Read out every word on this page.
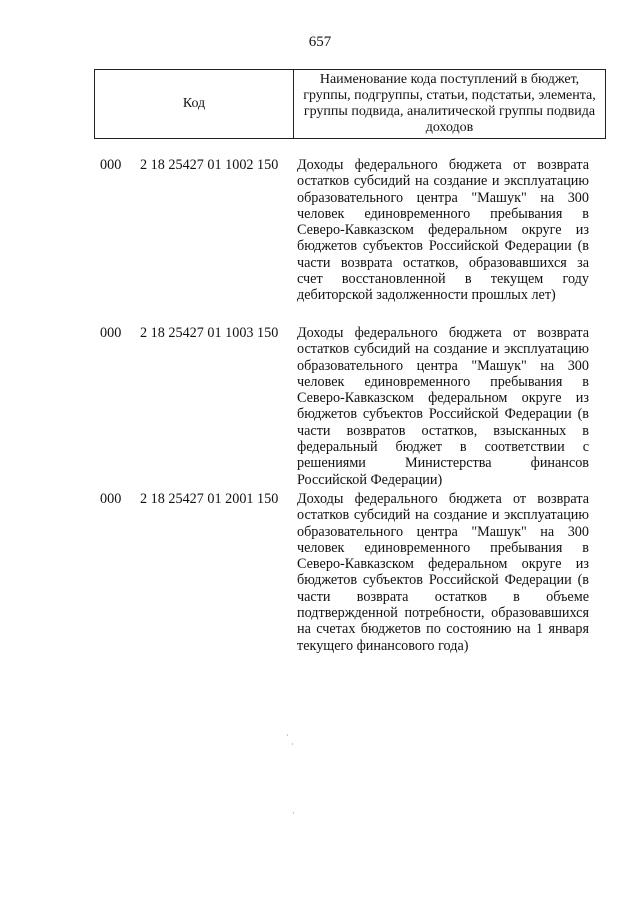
657
Код
Наименование кода поступлений в бюджет, группы, подгруппы, статьи, подстатьи, элемента, группы подвида, аналитической группы подвида доходов
000 2 18 25427 01 1002 150 Доходы федерального бюджета от возврата остатков субсидий на создание и эксплуатацию образовательного центра "Машук" на 300 человек единовременного пребывания в Северо-Кавказском федеральном округе из бюджетов субъектов Российской Федерации (в части возврата остатков, образовавшихся за счет восстановленной в текущем году дебиторской задолженности прошлых лет)
000 2 18 25427 01 1003 150 Доходы федерального бюджета от возврата остатков субсидий на создание и эксплуатацию образовательного центра "Машук" на 300 человек единовременного пребывания в Северо-Кавказском федеральном округе из бюджетов субъектов Российской Федерации (в части возвратов остатков, взысканных в федеральный бюджет в соответствии с решениями Министерства финансов Российской Федерации)
000 2 18 25427 01 2001 150 Доходы федерального бюджета от возврата остатков субсидий на создание и эксплуатацию образовательного центра "Машук" на 300 человек единовременного пребывания в Северо-Кавказском федеральном округе из бюджетов субъектов Российской Федерации (в части возврата остатков в объеме подтвержденной потребности, образовавшихся на счетах бюджетов по состоянию на 1 января текущего финансового года)
·
·
·
